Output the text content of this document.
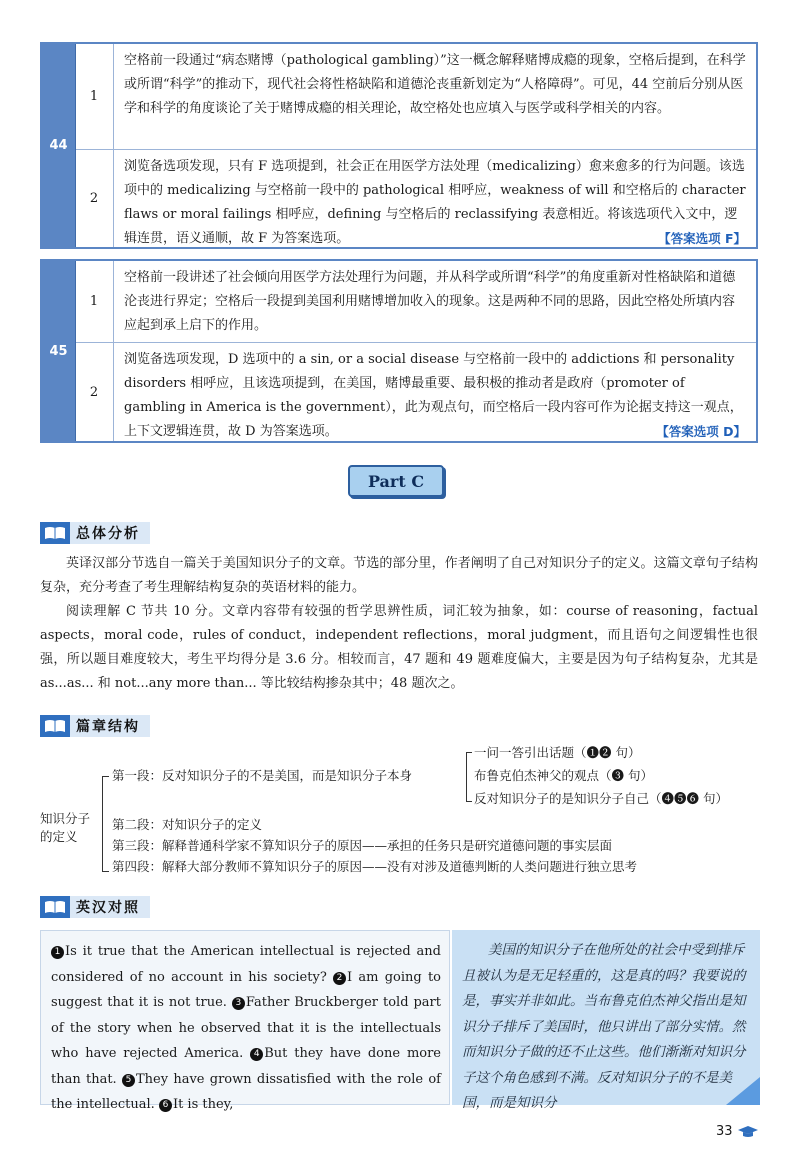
44
1
空格前一段通过“病态赌博（pathological gambling）”这一概念解释赌博成瘾的现象，空格后提到，在科学或所谓“科学”的推动下，现代社会将性格缺陷和道德沦丧重新划定为“人格障碍”。可见，44 空前后分别从医学和科学的角度谈论了关于赌博成瘾的相关理论，故空格处也应填入与医学或科学相关的内容。
2
浏览备选项发现，只有 F 选项提到，社会正在用医学方法处理（medicalizing）愈来愈多的行为问题。该选项中的 medicalizing 与空格前一段中的 pathological 相呼应，weakness of will 和空格后的 character flaws or moral failings 相呼应，defining 与空格后的 reclassifying 表意相近。将该选项代入文中，逻辑连贯，语义通顺，故 F 为答案选项。	【答案选项 F】
45
1
空格前一段讲述了社会倾向用医学方法处理行为问题，并从科学或所谓“科学”的角度重新对性格缺陷和道德沦丧进行界定；空格后一段提到美国利用赌博增加收入的现象。这是两种不同的思路，因此空格处所填内容应起到承上启下的作用。
2
浏览备选项发现，D 选项中的 a sin, or a social disease 与空格前一段中的 addictions 和 personality disorders 相呼应，且该选项提到，在美国，赌博最重要、最积极的推动者是政府（promoter of gambling in America is the government），此为观点句，而空格后一段内容可作为论据支持这一观点，上下文逻辑连贯，故 D 为答案选项。	【答案选项 D】
Part C
总体分析

英译汉部分节选自一篇关于美国知识分子的文章。节选的部分里，作者阐明了自己对知识分子的定义。这篇文章句子结构复杂，充分考查了考生理解结构复杂的英语材料的能力。

阅读理解 C 节共 10 分。文章内容带有较强的哲学思辨性质，词汇较为抽象，如：course of reasoning，factual aspects，moral code，rules of conduct，independent reflections，moral judgment，而且语句之间逻辑性也很强，所以题目难度较大，考生平均得分是 3.6 分。相较而言，47 题和 49 题难度偏大，主要是因为句子结构复杂，尤其是 as...as... 和 not...any more than... 等比较结构掺杂其中；48 题次之。

篇章结构
知识分子
的定义
第一段：反对知识分子的不是美国，而是知识分子本身
一问一答引出话题（❶❷ 句）
布鲁克伯杰神父的观点（❸ 句）
反对知识分子的是知识分子自己（❹❺❻ 句）
第二段：对知识分子的定义
第三段：解释普通科学家不算知识分子的原因——承担的任务只是研究道德问题的事实层面
第四段：解释大部分教师不算知识分子的原因——没有对涉及道德判断的人类问题进行独立思考
英汉对照
1 Is it true that the American intellectual is rejected and considered of no account in his society? 2 I am going to suggest that it is not true. 3 Father Bruckberger told part of the story when he observed that it is the intellectuals who have rejected America. 4 But they have done more than that. 5 They have grown dissatisfied with the role of the intellectual. 6 It is they,
美国的知识分子在他所处的社会中受到排斥且被认为是无足轻重的，这是真的吗？我要说的是，事实并非如此。当布鲁克伯杰神父指出是知识分子排斥了美国时，他只讲出了部分实情。然而知识分子做的还不止这些。他们渐渐对知识分子这个角色感到不满。反对知识分子的不是美国，而是知识分
33
